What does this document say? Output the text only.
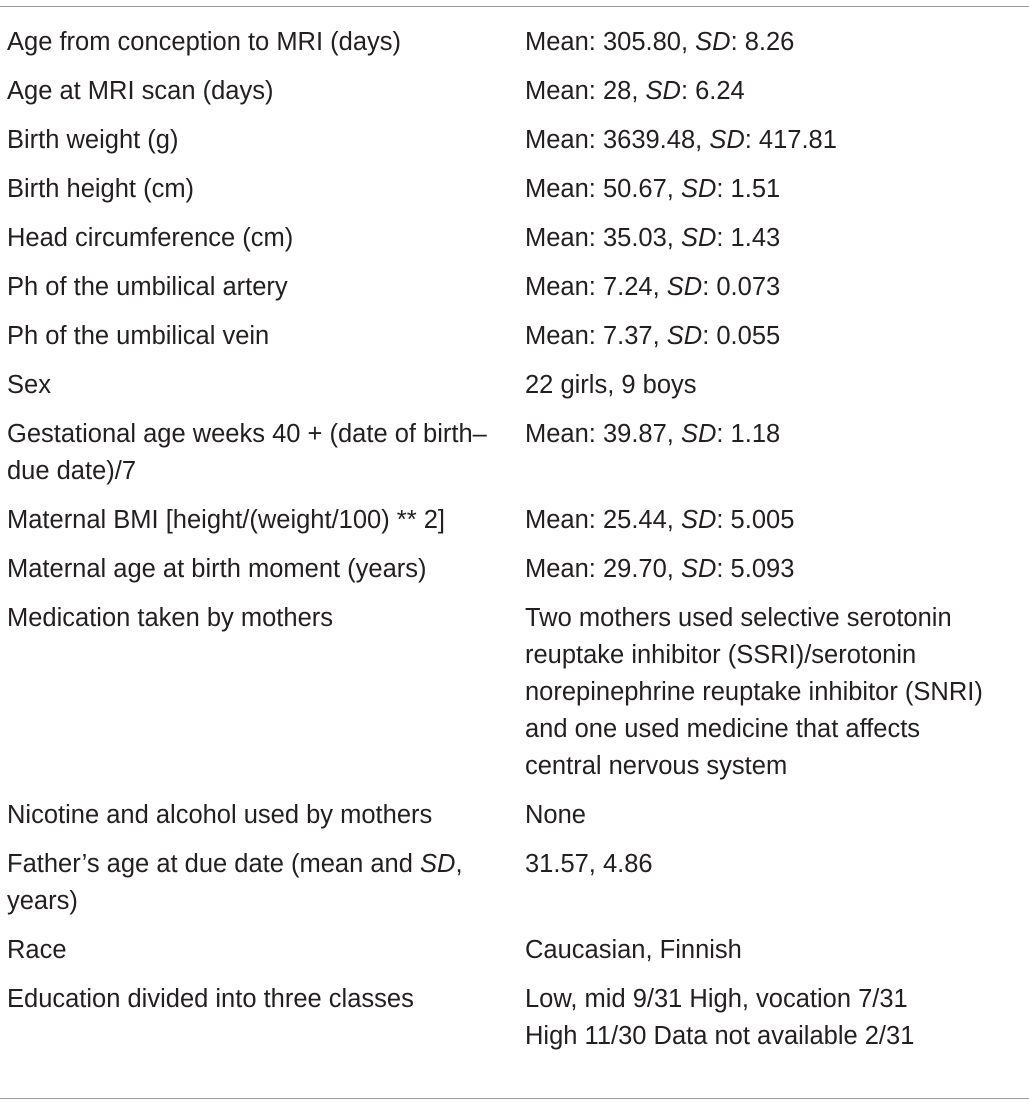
Age from conception to MRI (days)	Mean: 305.80, SD: 8.26
Age at MRI scan (days)	Mean: 28, SD: 6.24
Birth weight (g)	Mean: 3639.48, SD: 417.81
Birth height (cm)	Mean: 50.67, SD: 1.51
Head circumference (cm)	Mean: 35.03, SD: 1.43
Ph of the umbilical artery	Mean: 7.24, SD: 0.073
Ph of the umbilical vein	Mean: 7.37, SD: 0.055
Sex	22 girls, 9 boys
Gestational age weeks 40 + (date of birth–due date)/7	Mean: 39.87, SD: 1.18
Maternal BMI [height/(weight/100) ** 2]	Mean: 25.44, SD: 5.005
Maternal age at birth moment (years)	Mean: 29.70, SD: 5.093
Medication taken by mothers	Two mothers used selective serotonin
reuptake inhibitor (SSRI)/serotonin
norepinephrine reuptake inhibitor (SNRI)
and one used medicine that affects
central nervous system

Nicotine and alcohol used by mothers	None
Father’s age at due date (mean and SD, years)	31.57, 4.86
Race	Caucasian, Finnish
Education divided into three classes	Low, mid 9/31 High, vocation 7/31
High 11/30 Data not available 2/31
